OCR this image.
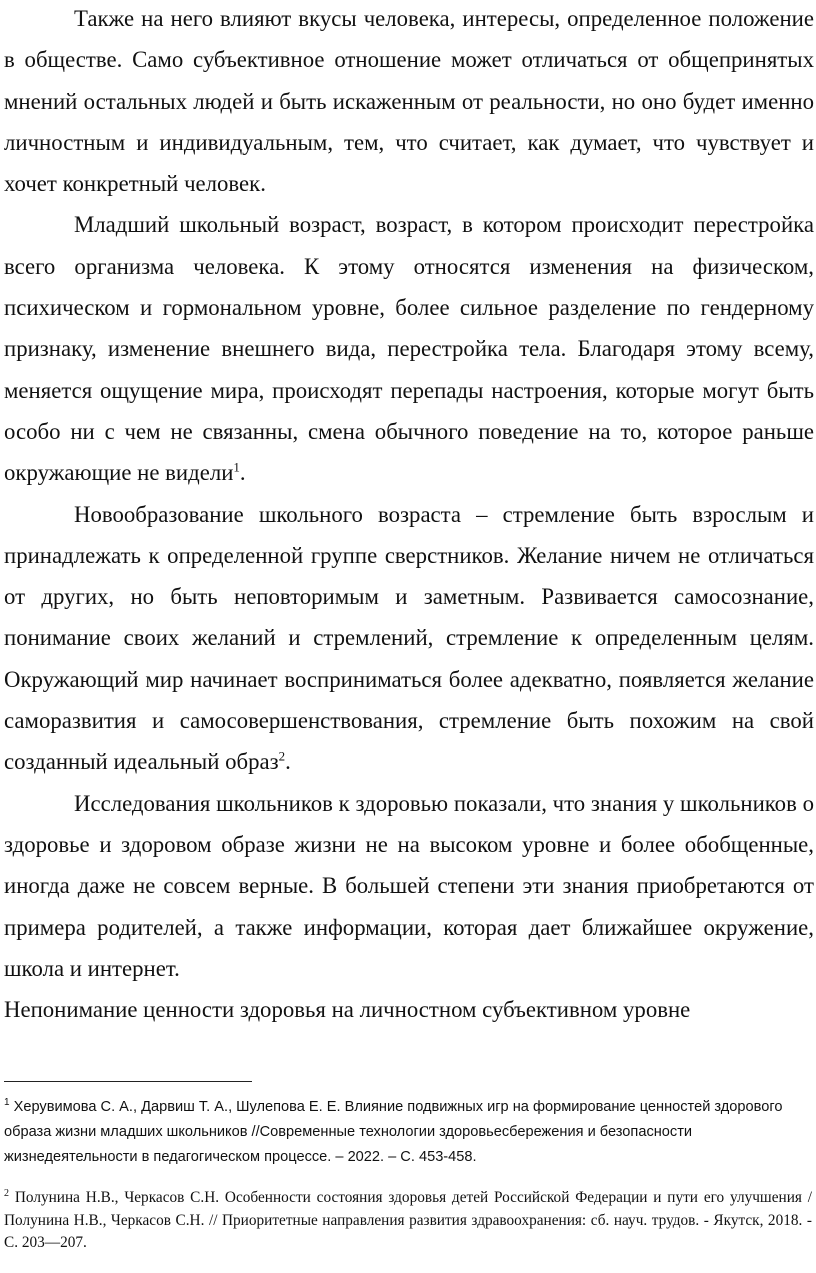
Также на него влияют вкусы человека, интересы, определенное положение в обществе. Само субъективное отношение может отличаться от общепринятых мнений остальных людей и быть искаженным от реальности, но оно будет именно личностным и индивидуальным, тем, что считает, как думает, что чувствует и хочет конкретный человек.

Младший школьный возраст, возраст, в котором происходит перестройка всего организма человека. К этому относятся изменения на физическом, психическом и гормональном уровне, более сильное разделение по гендерному признаку, изменение внешнего вида, перестройка тела. Благодаря этому всему, меняется ощущение мира, происходят перепады настроения, которые могут быть особо ни с чем не связанны, смена обычного поведение на то, которое раньше окружающие не видели$^1$.

Новообразование школьного возраста – стремление быть взрослым и принадлежать к определенной группе сверстников. Желание ничем не отличаться от других, но быть неповторимым и заметным. Развивается самосознание, понимание своих желаний и стремлений, стремление к определенным целям. Окружающий мир начинает восприниматься более адекватно, появляется желание саморазвития и самосовершенствования, стремление быть похожим на свой созданный идеальный образ$^2$.

Исследования школьников к здоровью показали, что знания у школьников о здоровье и здоровом образе жизни не на высоком уровне и более обобщенные, иногда даже не совсем верные. В большей степени эти знания приобретаются от примера родителей, а также информации, которая дает ближайшее окружение, школа и интернет.

Непонимание ценности здоровья на личностном субъективном уровне

$^1$ Херувимова С. А., Дарвиш Т. А., Шулепова Е. Е. Влияние подвижных игр на формирование ценностей здорового образа жизни младших школьников //Современные технологии здоровьесбережения и безопасности жизнедеятельности в педагогическом процессе. – 2022. – С. 453-458.
$^2$ Полунина Н.В., Черкасов С.Н. Особенности состояния здоровья детей Российской Федерации и пути его улучшения / Полунина Н.В., Черкасов С.Н. // Приоритетные направления развития здравоохранения: сб. науч. трудов. - Якутск, 2018. - С. 203—207.
